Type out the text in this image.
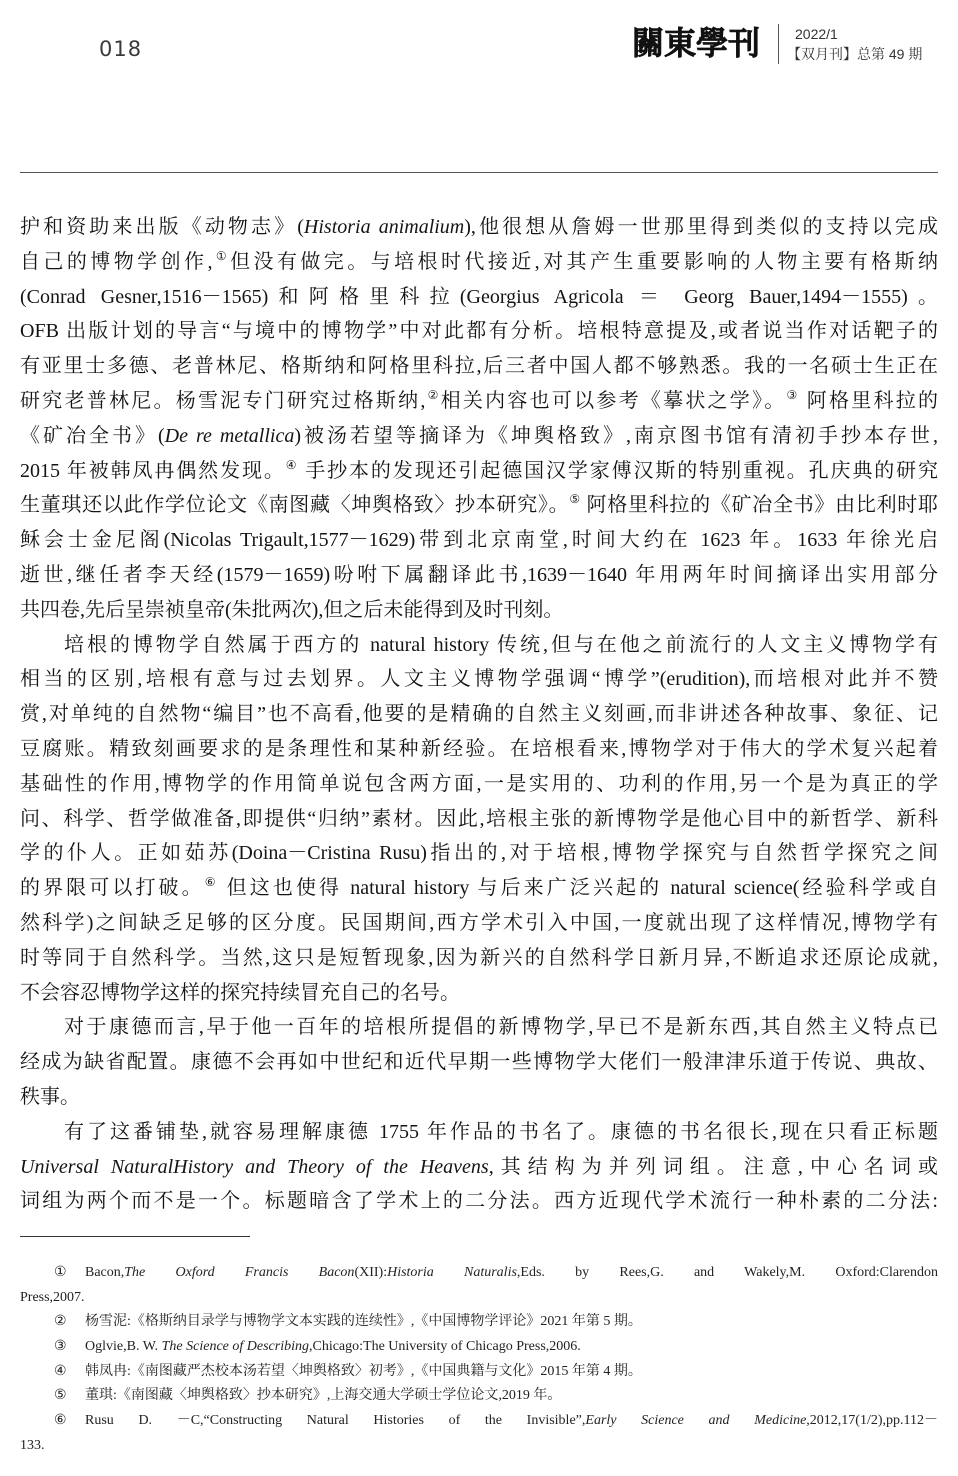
018	關東學刊 2022/1
【双月刊】总第 49 期
护和资助来出版《动物志》(Historia animalium),他很想从詹姆一世那里得到类似的支持以完成
自己的博物学创作,①但没有做完。与培根时代接近,对其产生重要影响的人物主要有格斯纳
(Conrad Gesner,1516－1565)和阿格里科拉(Georgius Agricola ＝ Georg Bauer,1494－1555)。
OFB 出版计划的导言“与境中的博物学”中对此都有分析。培根特意提及,或者说当作对话靶子的
有亚里士多德、老普林尼、格斯纳和阿格里科拉,后三者中国人都不够熟悉。我的一名硕士生正在
研究老普林尼。杨雪泥专门研究过格斯纳,②相关内容也可以参考《摹状之学》。③ 阿格里科拉的
《矿冶全书》(De re metallica)被汤若望等摘译为《坤舆格致》,南京图书馆有清初手抄本存世,
2015 年被韩凤冉偶然发现。④ 手抄本的发现还引起德国汉学家傅汉斯的特别重视。孔庆典的研究
生董琪还以此作学位论文《南图藏〈坤舆格致〉抄本研究》。⑤ 阿格里科拉的《矿冶全书》由比利时耶
稣会士金尼阁(Nicolas Trigault,1577－1629)带到北京南堂,时间大约在 1623 年。1633 年徐光启
逝世,继任者李天经(1579－1659)吩咐下属翻译此书,1639－1640 年用两年时间摘译出实用部分
共四卷,先后呈崇祯皇帝(朱批两次),但之后未能得到及时刊刻。
培根的博物学自然属于西方的 natural history 传统,但与在他之前流行的人文主义博物学有
相当的区别,培根有意与过去划界。人文主义博物学强调“博学”(erudition),而培根对此并不赞
赏,对单纯的自然物“编目”也不高看,他要的是精确的自然主义刻画,而非讲述各种故事、象征、记
豆腐账。精致刻画要求的是条理性和某种新经验。在培根看来,博物学对于伟大的学术复兴起着
基础性的作用,博物学的作用简单说包含两方面,一是实用的、功利的作用,另一个是为真正的学
问、科学、哲学做准备,即提供“归纳”素材。因此,培根主张的新博物学是他心目中的新哲学、新科
学的仆人。正如茹苏(Doina－Cristina Rusu)指出的,对于培根,博物学探究与自然哲学探究之间
的界限可以打破。⑥ 但这也使得 natural history 与后来广泛兴起的 natural science(经验科学或自
然科学)之间缺乏足够的区分度。民国期间,西方学术引入中国,一度就出现了这样情况,博物学有
时等同于自然科学。当然,这只是短暂现象,因为新兴的自然科学日新月异,不断追求还原论成就,
不会容忍博物学这样的探究持续冒充自己的名号。
对于康德而言,早于他一百年的培根所提倡的新博物学,早已不是新东西,其自然主义特点已
经成为缺省配置。康德不会再如中世纪和近代早期一些博物学大佬们一般津津乐道于传说、典故、
秩事。
有了这番铺垫,就容易理解康德 1755 年作品的书名了。康德的书名很长,现在只看正标题
Universal NaturalHistory and Theory of the Heavens,其结构为并列词组。注意,中心名词或
词组为两个而不是一个。标题暗含了学术上的二分法。西方近现代学术流行一种朴素的二分法:
①	Bacon,The Oxford Francis Bacon(XII):Historia Naturalis,Eds. by Rees,G. and Wakely,M. Oxford:Clarendon
Press,2007.
②	杨雪泥:《格斯纳目录学与博物学文本实践的连续性》,《中国博物学评论》2021 年第 5 期。
③	Oglvie,B. W. The Science of Describing,Chicago:The University of Chicago Press,2006.
④	韩凤冉:《南图藏严杰校本汤若望〈坤舆格致〉初考》,《中国典籍与文化》2015 年第 4 期。
⑤	董琪:《南图藏〈坤舆格致〉抄本研究》,上海交通大学硕士学位论文,2019 年。
⑥	Rusu D. －C,“Constructing Natural Histories of the Invisible”,Early Science and Medicine,2012,17(1/2),pp.112－
133.
